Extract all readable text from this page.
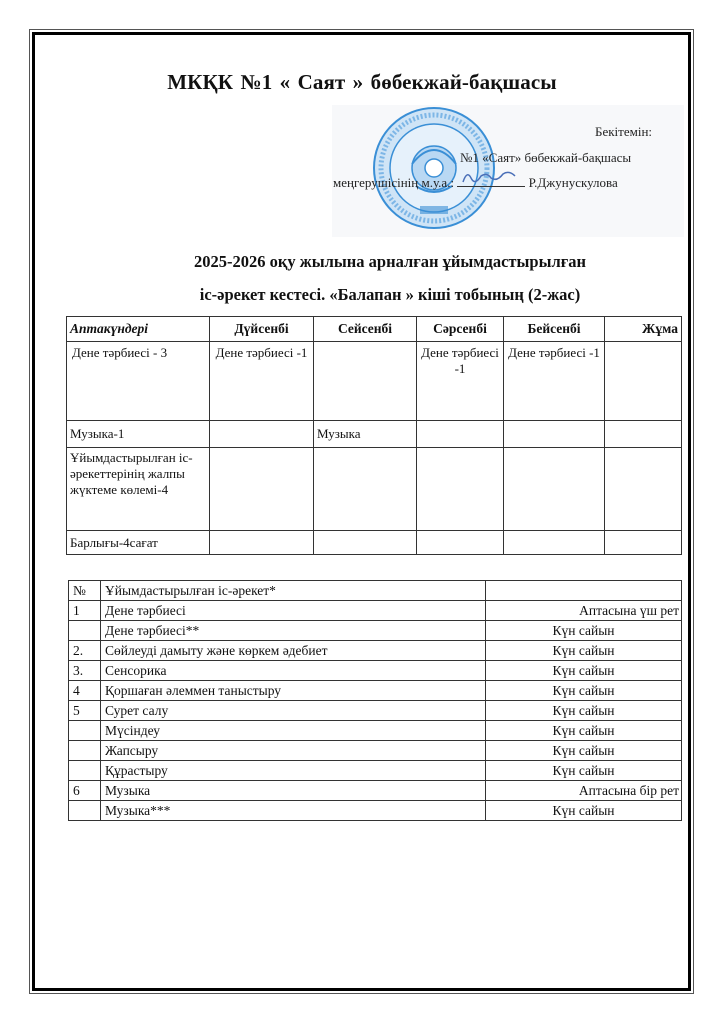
МКҚК №1 « Саят » бөбекжай-бақшасы
Бекітемін:
№1 «Саят» бөбекжай-бақшасы
меңгерушісінің м.у.а.:	Р.Джунускулова
2025-2026 оқу жылына арналған ұйымдастырылған
іс-әрекет кестесі. «Балапан » кіші тобының (2-жас)
Аптакүндері	Дүйсенбі	Сейсенбі	Сәрсенбі	Бейсенбі	Жұма
Дене тәрбиесі - 3	Дене тәрбиесі -1		Дене тәрбиесі -1	Дене тәрбиесі -1	
Музыка-1		Музыка			
Ұйымдастырылған іс-әрекеттерінің жалпы жүктеме көлемі-4					
Барлығы-4сағат					
№	Ұйымдастырылған іс-әрекет*	
1	Дене тәрбиесі	Аптасына үш рет
	Дене тәрбиесі**	Күн сайын
2.	Сөйлеуді дамыту және көркем әдебиет	Күн сайын
3.	Сенсорика	Күн сайын
4	Қоршаған әлеммен таныстыру	Күн сайын
5	Сурет салу	Күн сайын
	Мүсіндеу	Күн сайын
	Жапсыру	Күн сайын
	Құрастыру	Күн сайын
6	Музыка	Аптасына бір рет
	Музыка***	Күн сайын
